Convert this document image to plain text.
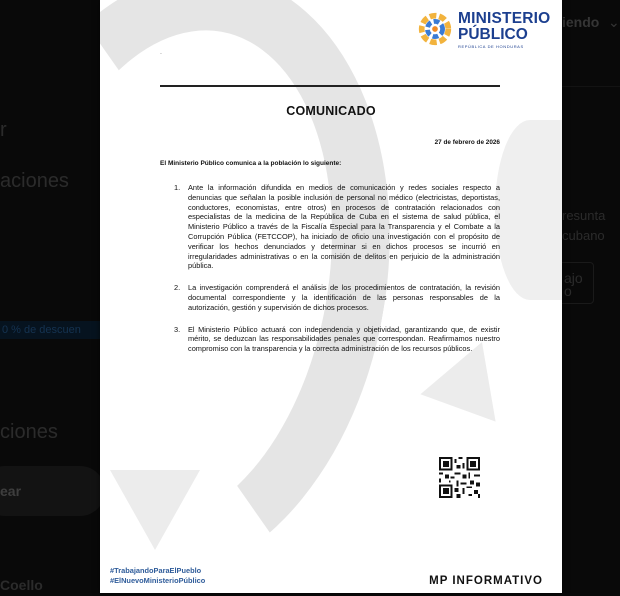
MINISTERIO
PÚBLICO
REPÚBLICA DE HONDURAS
.
COMUNICADO
27 de febrero de 2026
El Ministerio Público comunica a la población lo siguiente:
1. Ante la información difundida en medios de comunicación y redes sociales respecto a denuncias que señalan la posible inclusión de personal no médico (electricistas, deportistas, conductores, economistas, entre otros) en procesos de contratación relacionados con especialistas de la medicina de la República de Cuba en el sistema de salud pública, el Ministerio Público a través de la Fiscalía Especial para la Transparencia y el Combate a la Corrupción Pública (FETCCOP), ha iniciado de oficio una investigación con el propósito de verificar los hechos denunciados y determinar si en dichos procesos se incurrió en irregularidades administrativas o en la comisión de delitos en perjuicio de la administración pública.
2. La investigación comprenderá el análisis de los procedimientos de contratación, la revisión documental correspondiente y la identificación de las personas responsables de la autorización, gestión y supervisión de dichos procesos.
3. El Ministerio Público actuará con independencia y objetividad, garantizando que, de existir mérito, se deduzcan las responsabilidades penales que correspondan. Reafirmamos nuestro compromiso con la transparencia y la correcta administración de los recursos públicos.
#TrabajandoParaElPueblo
#ElNuevoMinisterioPúblico	MP INFORMATIVO
